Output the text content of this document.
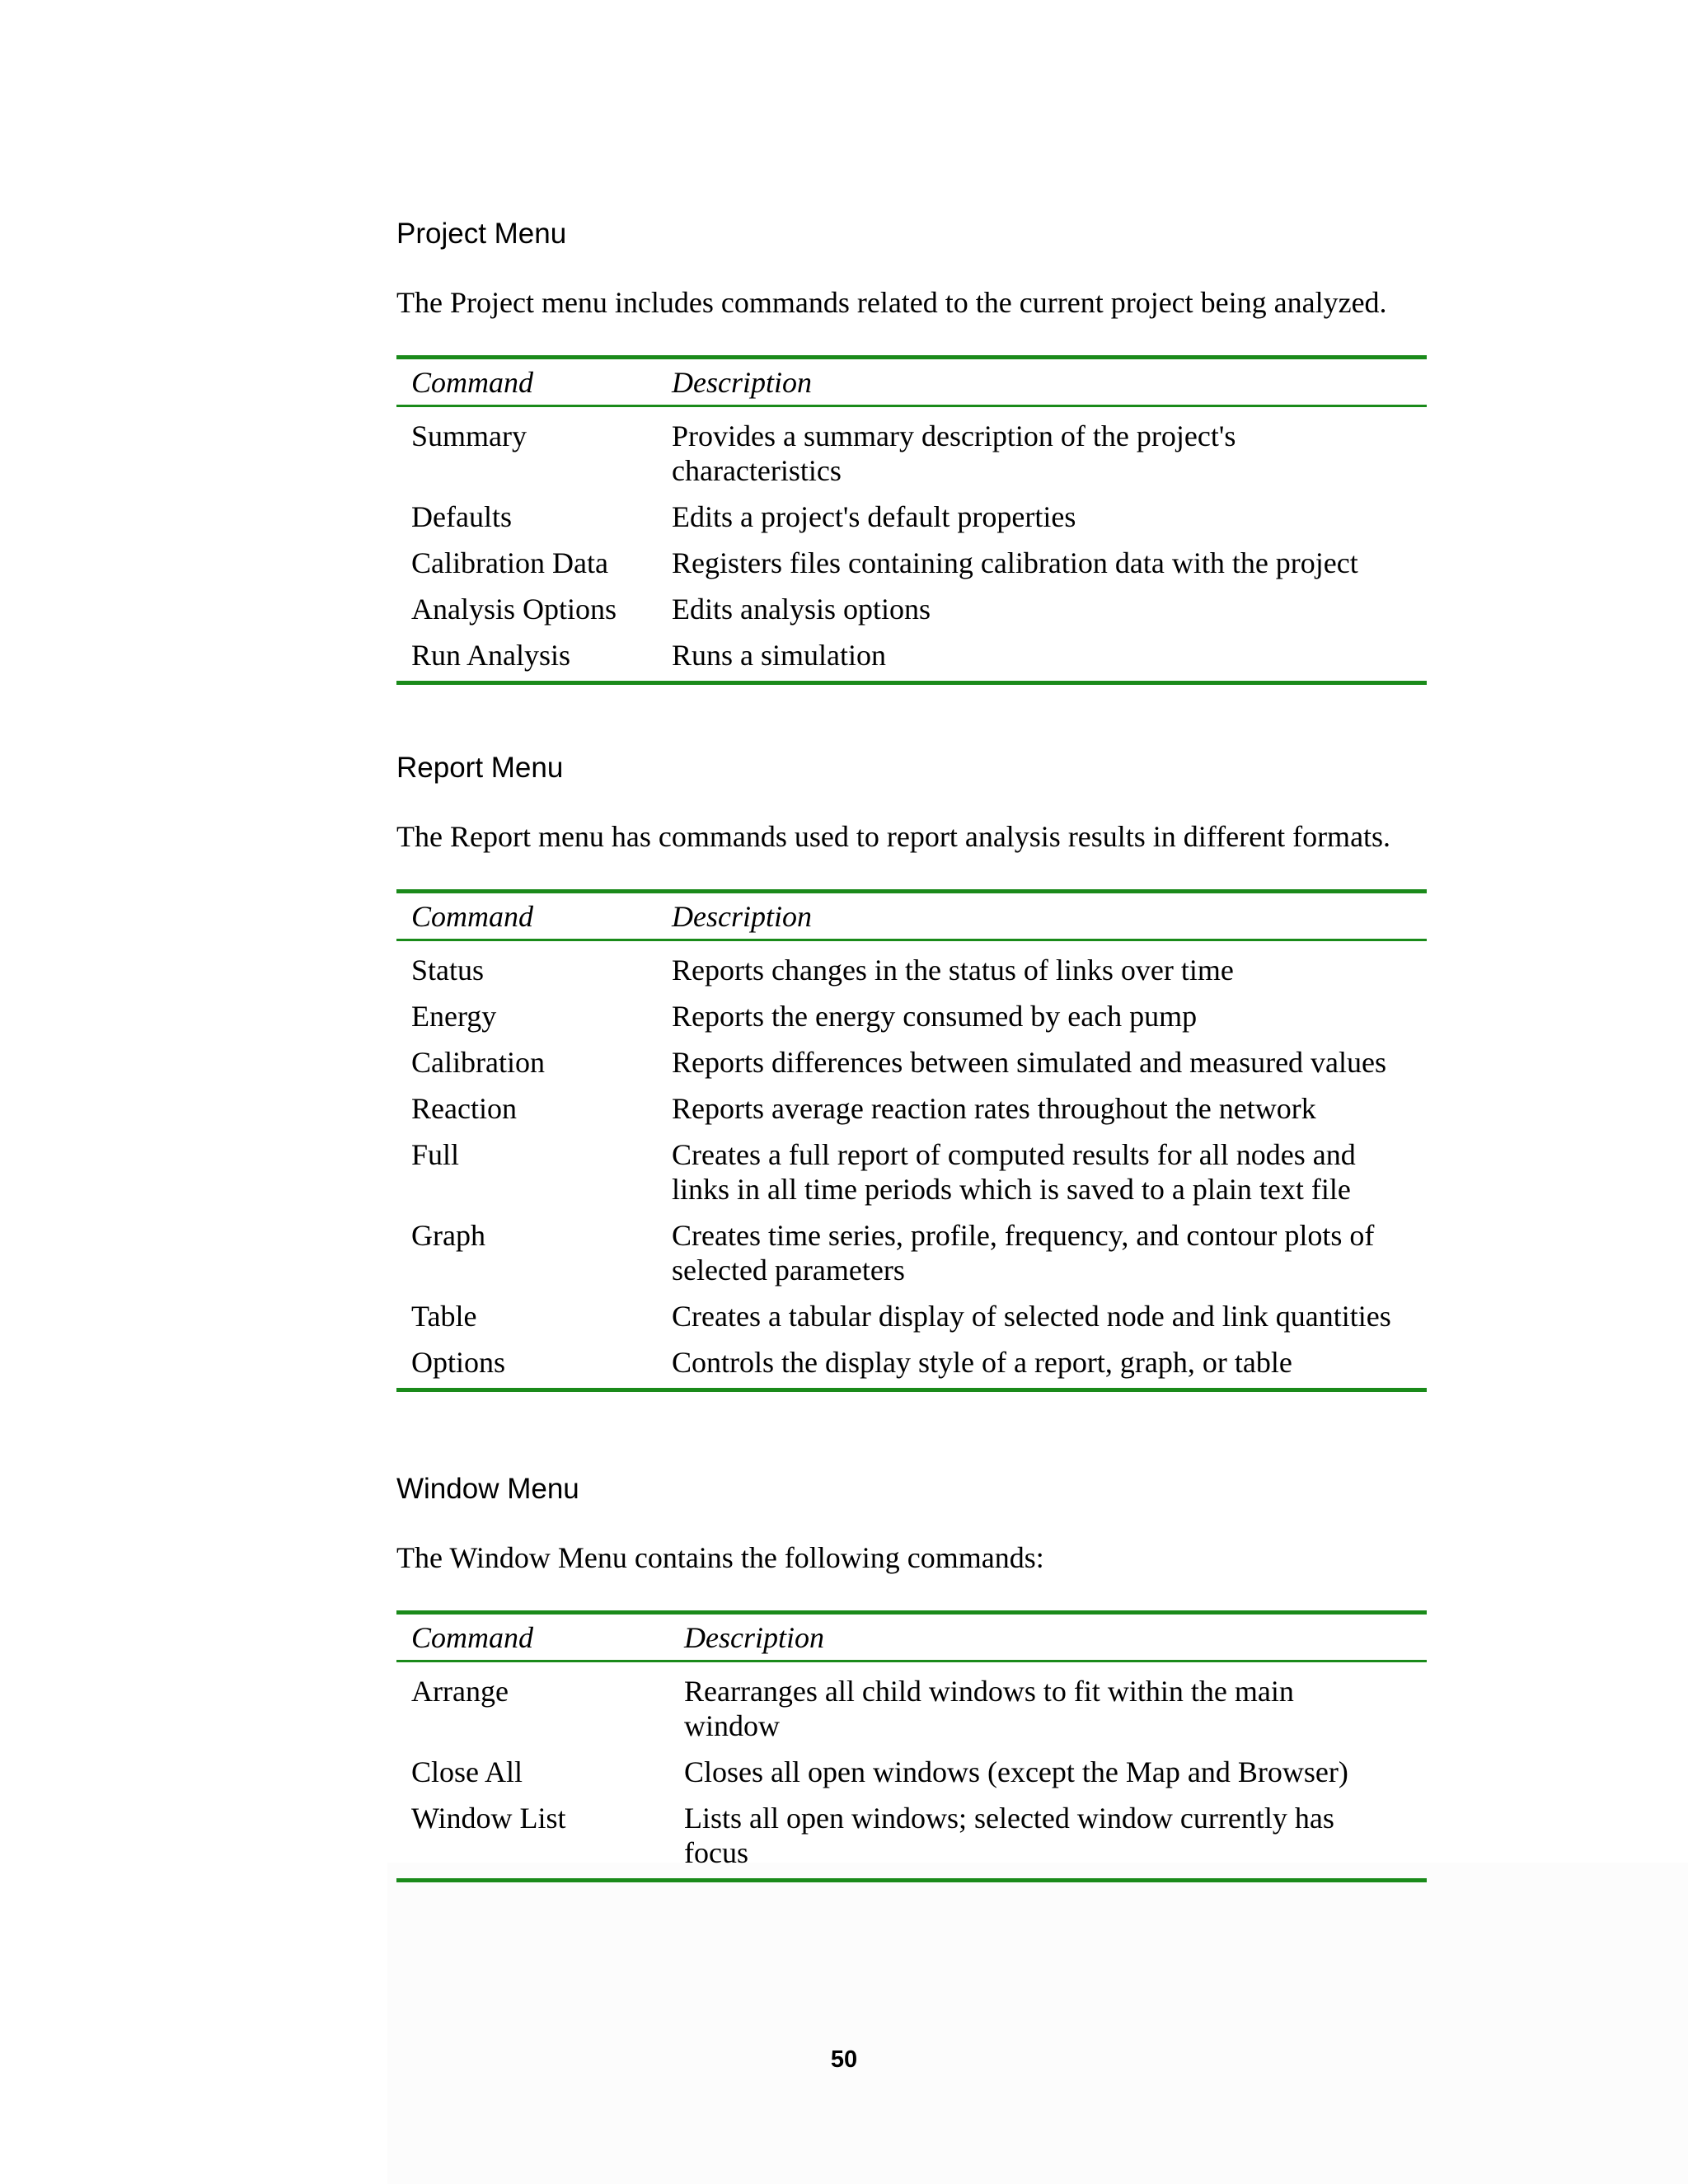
Project Menu
The Project menu includes commands related to the current project being analyzed.
Command	Description
Summary	Provides a summary description of the project's
characteristics
Defaults	Edits a project's default properties
Calibration Data	Registers files containing calibration data with the project
Analysis Options	Edits analysis options
Run Analysis	Runs a simulation
Report Menu
The Report menu has commands used to report analysis results in different formats.
Command	Description
Status	Reports changes in the status of links over time
Energy	Reports the energy consumed by each pump
Calibration	Reports differences between simulated and measured values
Reaction	Reports average reaction rates throughout the network
Full	Creates a full report of computed results for all nodes and
links in all time periods which is saved to a plain text file
Graph	Creates time series, profile, frequency, and contour plots of
selected parameters
Table	Creates a tabular display of selected node and link quantities
Options	Controls the display style of a report, graph, or table
Window Menu
The Window Menu contains the following commands:
Command	Description
Arrange	Rearranges all child windows to fit within the main
window
Close All	Closes all open windows (except the Map and Browser)
Window List	Lists all open windows; selected window currently has
focus
50
